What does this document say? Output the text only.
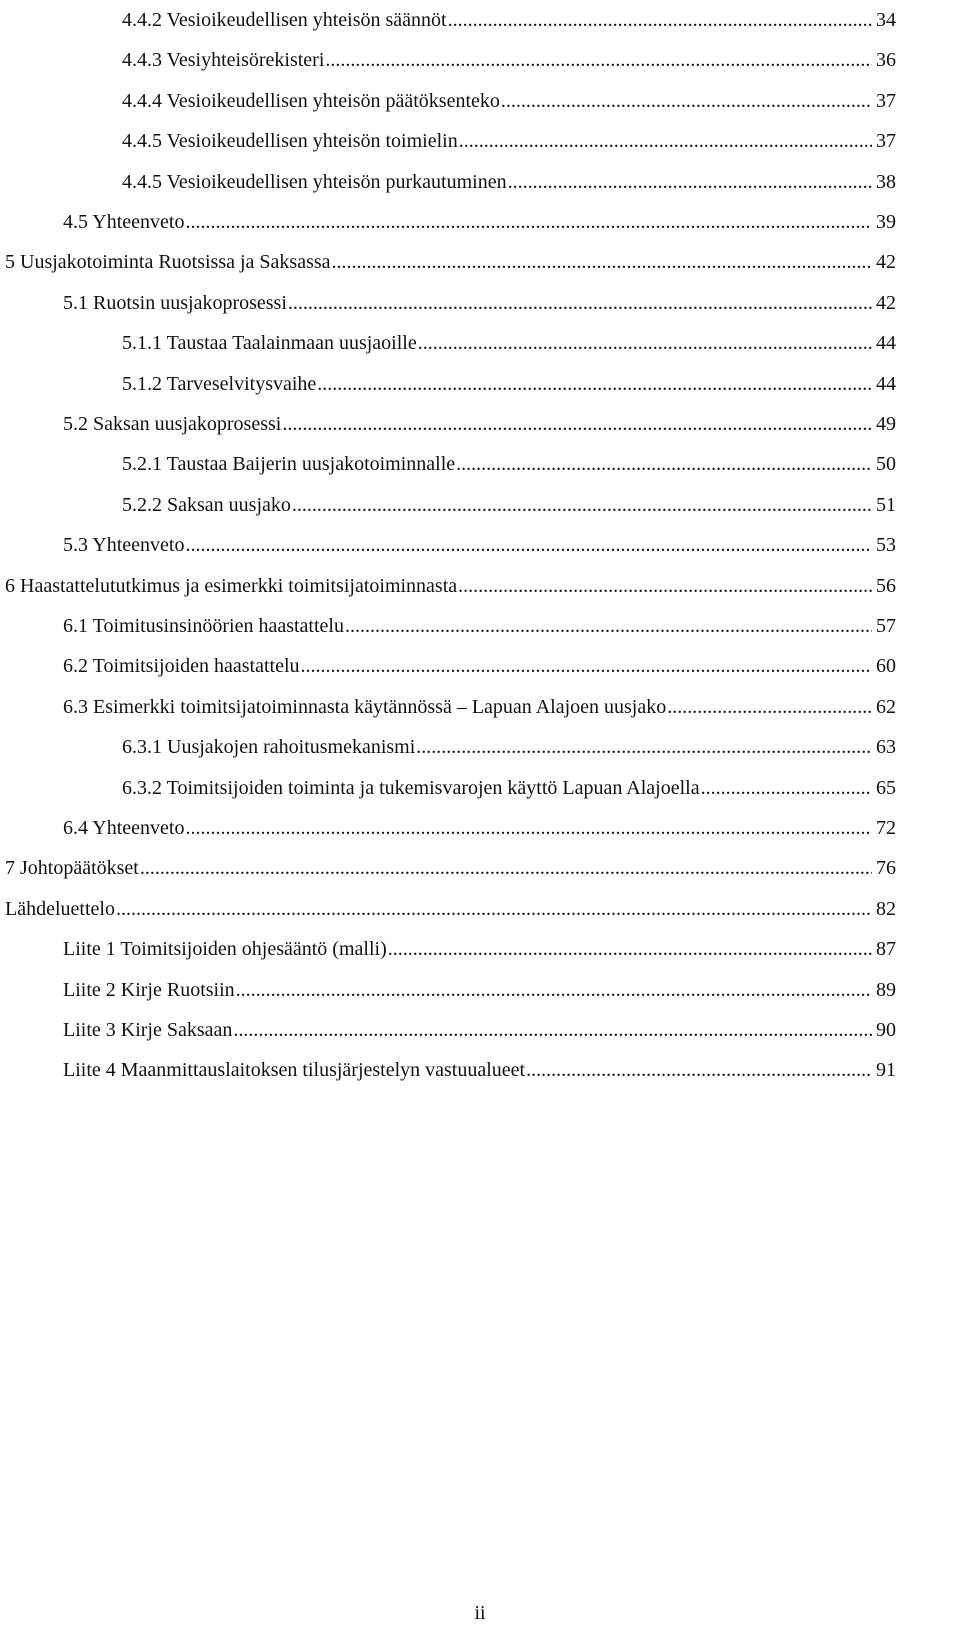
4.4.2 Vesioikeudellisen yhteisön säännöt .....	34
4.4.3 Vesiyhteisörekisteri .....	36
4.4.4 Vesioikeudellisen yhteisön päätöksenteko .....	37
4.4.5 Vesioikeudellisen yhteisön toimielin .....	37
4.4.5 Vesioikeudellisen yhteisön purkautuminen .....	38
4.5 Yhteenveto .....	39
5 Uusjakotoiminta Ruotsissa ja Saksassa .....	42
5.1 Ruotsin uusjakoprosessi .....	42
5.1.1 Taustaa Taalainmaan uusjaoille .....	44
5.1.2 Tarveselvitysvaihe .....	44
5.2 Saksan uusjakoprosessi .....	49
5.2.1 Taustaa Baijerin uusjakotoiminnalle .....	50
5.2.2 Saksan uusjako .....	51
5.3 Yhteenveto .....	53
6 Haastattelututkimus ja esimerkki toimitsijatoiminnasta .....	56
6.1 Toimitusinsinöörien haastattelu .....	57
6.2 Toimitsijoiden haastattelu .....	60
6.3 Esimerkki toimitsijatoiminnasta käytännössä – Lapuan Alajoen uusjako .....	62
6.3.1 Uusjakojen rahoitusmekanismi .....	63
6.3.2 Toimitsijoiden toiminta ja tukemisvarojen käyttö Lapuan Alajoella .....	65
6.4 Yhteenveto .....	72
7 Johtopäätökset .....	76
Lähdeluettelo .....	82
Liite 1 Toimitsijoiden ohjesääntö (malli) .....	87
Liite 2 Kirje Ruotsiin .....	89
Liite 3 Kirje Saksaan .....	90
Liite 4 Maanmittauslaitoksen tilusjärjestelyn vastuualueet .....	91
ii
